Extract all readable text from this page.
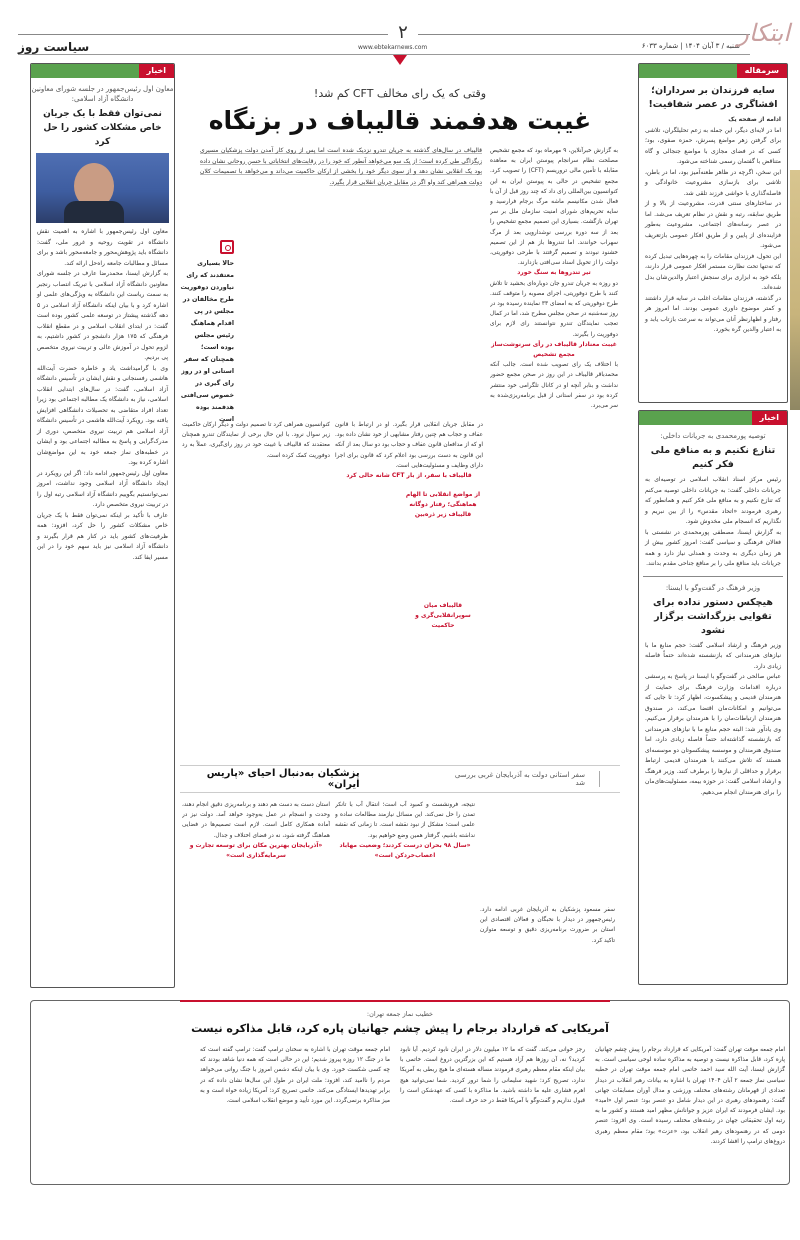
۲
سیاست روز	www.ebtekarnews.com	شنبه / ۳ آبان ۱۴۰۴ | شماره ۶۰۳۳
ابتکار
سرمقاله
سایه فرزندان بر سرداران؛ افشاگری در عصر شفافیت!
ادامه از صفحه یک
اما در لایه‌ای دیگر، این جمله به زعم تحلیلگران، تلاشی برای گرفتن زهر مواضع پسرش، حمزه صفوی، بود؛ کسی که در فضای مجازی با مواضع جنجالی و گاه متناقض با گفتمان رسمی شناخته می‌شود.
این سخن، اگرچه در ظاهر طعنه‌آمیز بود، اما در باطن، تلاشی برای بازسازی مشروعیت خانوادگی و فاصله‌گذاری با حواشی فرزند تلقی شد.
در ساختارهای سنتی قدرت، مشروعیت از بالا و از طریق سابقه، رتبه و نقش در نظام تعریف می‌شد. اما در عصر رسانه‌های اجتماعی، مشروعیت به‌طور فزاینده‌ای از پایین و از طریق افکار عمومی بازتعریف می‌شود.
این تحول، فرزندان مقامات را به چهره‌هایی تبدیل کرده که نه‌تنها تحت نظارت مستمر افکار عمومی قرار دارند، بلکه خود به ابزاری برای سنجش اعتبار والدین‌شان بدل شده‌اند.
در گذشته، فرزندان مقامات اغلب در سایه قرار داشتند و کمتر موضوع داوری عمومی بودند. اما امروز هر رفتار و اظهارنظر آنان می‌تواند به سرعت بازتاب یابد و به اعتبار والدین گره بخورد.
اخبار
توصیه پورمحمدی به جریانات داخلی:
تنازع نکنیم و به منافع ملی فکر کنیم
رئیس مرکز اسناد انقلاب اسلامی در توصیه‌ای به جریانات داخلی گفت: به جریانات داخلی توصیه می‌کنم که تنازع نکنیم و به منافع ملی فکر کنیم و همانطور که رهبری فرمودند «اتحاد مقدس» را از بین نبریم و نگذاریم که انسجام ملی مخدوش شود.
به گزارش ایسنا، مصطفی پورمحمدی در نشستی با فعالان فرهنگی و سیاسی گفت: امروز کشور بیش از هر زمان دیگری به وحدت و همدلی نیاز دارد و همه جریانات باید منافع ملی را بر منافع جناحی مقدم بدانند.
وزیر فرهنگ در گفت‌وگو با ایسنا:
هیچکس دستور نداده برای تقوایی بزرگداشت برگزار نشود
وزیر فرهنگ و ارشاد اسلامی گفت: حجم منابع ما با نیازهای هنرمندانی که بازنشسته شده‌اند حتماً فاصله زیادی دارد.
عباس صالحی در گفت‌وگو با ایسنا در پاسخ به پرسشی درباره اقدامات وزارت فرهنگ برای حمایت از هنرمندان قدیمی و پیشکسوت، اظهار کرد: تا جایی که می‌توانیم و امکانات‌مان اقتضا می‌کند، در صندوق هنرمندان ارتباطات‌مان را با هنرمندان برقرار می‌کنیم. وی یادآور شد: البته حجم منابع ما با نیازهای هنرمندانی که بازنشسته گذاشته‌اند حتماً فاصله زیادی دارد، اما صندوق هنرمندان و موسسه پیشکسوتان دو موسسه‌ای هستند که تلاش می‌کنند با هنرمندان قدیمی ارتباط برقرار و حداقلی از نیازها را برطرف کنند. وزیر فرهنگ و ارشاد اسلامی گفت: در حوزه بیمه، مسئولیت‌های‌مان را برای هنرمندان انجام می‌دهیم.
اخبار
معاون اول رئیس‌جمهور در جلسه شورای معاونین دانشگاه آزاد اسلامی:
نمی‌توان فقط با یک جریان خاص مشکلات کشور را حل کرد
معاون اول رئیس‌جمهور با اشاره به اهمیت نقش دانشگاه در تقویت روحیه و غرور ملی، گفت: دانشگاه باید پژوهش‌محور و جامعه‌محور باشد و برای مسائل و مطالبات جامعه راه‌حل ارائه کند.
به گزارش ایسنا، محمدرضا عارف در جلسه شورای معاونین دانشگاه آزاد اسلامی با تبریک انتصاب رنجبر به سمت ریاست این دانشگاه به ویژگی‌های علمی او اشاره کرد و با بیان اینکه دانشگاه آزاد اسلامی در ۵ دهه گذشته پیشتاز در توسعه علمی کشور بوده است گفت: در ابتدای انقلاب اسلامی و در مقطع انقلاب فرهنگی که ۱۷۵ هزار دانشجو در کشور داشتیم، به لزوم تحول در آموزش عالی و تربیت نیروی متخصص پی بردیم.
وی با گرامیداشت یاد و خاطره حضرت آیت‌الله هاشمی رفسنجانی و نقش ایشان در تأسیس دانشگاه آزاد اسلامی، گفت: در سال‌های ابتدایی انقلاب اسلامی، نیاز به دانشگاه یک مطالبه اجتماعی بود زیرا تعداد افراد متقاضی به تحصیلات دانشگاهی افزایش یافته بود. رویکرد آیت‌الله هاشمی در تأسیس دانشگاه آزاد اسلامی هم تربیت نیروی متخصص، دوری از مدرک‌گرایی و پاسخ به مطالبه اجتماعی بود و ایشان در خطبه‌های نماز جمعه خود به این مواضع‌شان اشاره کرده بود.
معاون اول رئیس‌جمهور ادامه داد: اگر این رویکرد در ایجاد دانشگاه آزاد اسلامی وجود نداشت، امروز نمی‌توانستیم بگوییم دانشگاه آزاد اسلامی رتبه اول را در تربیت نیروی متخصص دارد.
عارف با تأکید بر اینکه نمی‌توان فقط با یک جریان خاص مشکلات کشور را حل کرد، افزود: همه ظرفیت‌های کشور باید در کنار هم قرار بگیرند و دانشگاه آزاد اسلامی نیز باید سهم خود را در این مسیر ایفا کند.
وقتی که یک رای مخالف CFT کم شد!
غیبت هدفمند قالیباف در بزنگاه
قالیباف در سال‌های گذشته به جریان تندرو نزدیک شده است اما پس از روی کار آمدن دولت پزشکیان مسیری زیگزاگی طی کرده است؛ از یک سو می‌خواهد آنطور که خود را در رقابت‌های انتخاباتی با حسن روحانی نشان داده بود یک انقلابی نشان دهد و از سوی دیگر خود را بخشی از ارکان حاکمیت می‌داند و می‌خواهد با تصمیمات کلان دولت همراهی کند ولو اگر در مقابل جریان انقلابی قرار بگیرد.
به گزارش خبرآنلاین، ۹ مهرماه بود که مجمع تشخیص مصلحت نظام سرانجام پیوستن ایران به معاهده مقابله با تأمین مالی تروریسم (CFT) را تصویب کرد. مجمع تشخیص در حالی به پیوستن ایران به این کنوانسیون بین‌المللی رای داد که چند روز قبل از آن با فعال شدن مکانیسم ماشه مرگ برجام فرارسید و سایه تحریم‌های شورای امنیت سازمان ملل بر سر تهران بازگشت. بسیاری این تصمیم مجمع تشخیص را بعد از سه دوره بررسی نوشدارویی بعد از مرگ سهراب خواندند. اما تندروها باز هم از این تصمیم خشنود نبودند و تصمیم گرفتند با طرحی دوفوریتی، دولت را از تحویل اسناد سی‌افتی بازدارند.
تیر تندروها به سنگ خورد
دو روزه به جریان تندرو جان دوباره‌ای بخشید تا تلاش کنند با طرح دوفوریتی، اجرای مصوبه را متوقف کنند. طرح دوفوریتی که به امضای ۳۳ نماینده رسیده بود در روز سه‌شنبه در صحن مجلس مطرح شد، اما در کمال تعجب نمایندگان تندرو نتوانستند رای لازم برای دوفوریت را بگیرند.
غیبت معنادار قالیباف در رأی سرنوشت‌ساز مجمع تشخیص
با اختلاف یک رای تصویب شده است. جالب آنکه محمدباقر قالیباف در این روز در صحن مجمع حضور نداشت و بنابر آنچه او در کانال تلگرامی خود منتشر کرده بود در سفر استانی از قبل برنامه‌ریزی‌شده به سر می‌برد.
حالا بسیاری معتقدند که رای نیاوردن دوفوریت طرح مخالفان در مجلس در پی اقدام هماهنگ رئیس مجلس بوده است؛ همچنان که سفر استانی او در روز رای گیری در خصوص سی‌افتی هدفمند بوده است
کنوانسیون همراهی کرد تا تصمیم دولت و دیگر ارکان حاکمیت زیر سوال نرود. با این حال برخی از نمایندگان تندرو همچنان معتقدند که قالیباف با غیبت خود در روز رای‌گیری، عملاً به رد دوفوریت کمک کرده است.
در مقابل جریان انقلابی قرار بگیرد. او در ارتباط با قانون عفاف و حجاب هم چنین رفتار مشابهی از خود نشان داده بود. او که از مدافعان قانون عفاف و حجاب بود دو سال بعد از آنکه این قانون به دست بررسی بود اعلام کرد که قانون برای اجرا دارای وظایف و مسئولیت‌هایی است.
قالیباف با سفر، از بار CFT شانه خالی کرد
از مواضع انقلابی تا الهام هماهنگی؛ رفتار دوگانه قالیباف زیر ذره‌بین
قالیباف میان سوپرانقلابی‌گری و حاکمیت
سفر استانی دولت به آذربایجان غربی بررسی شد
پزشکیان به‌دنبال احیای «پاریس ایران»
نتیجه، فرونشست و کمبود آب است؛ انتقال آب با تانکر تمدن را حل نمی‌کند. این مسائل نیازمند مطالعات ساده و علمی است؛ مشکل از نبود نقشه است. تا زمانی که نقشه نداشته باشیم، گرفتار همین وضع خواهیم بود.
«سال ۹۸ بحران درست کردند؛ وضعیت مهاباد اعصاب‌خردکن است»
استان دست به دست هم دهند و برنامه‌ریزی دقیق انجام دهند، وحدت و انسجام در عمل به‌وجود خواهد آمد. دولت نیز در آماده همکاری کامل است. لازم است تصمیم‌ها در فضایی هماهنگ گرفته شود، نه در فضای اختلاف و جدال.
«آذربایجان بهترین مکان برای توسعه تجارت و سرمایه‌گذاری است»
سفر مسعود پزشکیان به آذربایجان غربی ادامه دارد. رئیس‌جمهور در دیدار با نخبگان و فعالان اقتصادی این استان بر ضرورت برنامه‌ریزی دقیق و توسعه متوازن تاکید کرد.
خطیب نماز جمعه تهران:
آمریکایی که قرارداد برجام را پیش چشم جهانیان پاره کرد، قابل مذاکره نیست
امام جمعه موقت تهران با اشاره به سخنان ترامپ گفت: ترامپ گفته است که ما در جنگ ۱۲ روزه پیروز شدیم؛ این در حالی است که همه دنیا شاهد بودند که چه کسی شکست خورد. وی با بیان اینکه دشمن امروز با جنگ روانی می‌خواهد مردم را ناامید کند، افزود: ملت ایران در طول این سال‌ها نشان داده که در برابر تهدیدها ایستادگی می‌کند. خاتمی تصریح کرد: آمریکا زیاده خواه است و به میز مذاکره برنمی‌گردد. این مورد تأیید و موضع انقلاب اسلامی است.
رجز خوانی می‌کند. گفت که ما ۱۲ میلیون دلار در ایران نابود کردیم. آیا نابود کردید؟ نه، آن روزها هم آزاد هستیم که این بزرگترین دروغ است. خاتمی با بیان اینکه مقام معظم رهبری فرمودند مساله هسته‌ای ما هیچ ربطی به آمریکا ندارد، تصریح کرد: شهید سلیمانی را شما ترور کردید. شما نمی‌توانید هیچ اهرم فشاری علیه ما داشته باشید. ما مذاکره با کسی که عهدشکن است را قبول نداریم و گفت‌وگو با آمریکا فقط در حد حرف است.
امام جمعه موقت تهران گفت: آمریکایی که قرارداد برجام را پیش چشم جهانیان پاره کرد، قابل مذاکره نیست و توصیه به مذاکره ساده لوحی سیاسی است. به گزارش ایسنا، آیت الله سید احمد خاتمی امام جمعه موقت تهران در خطبه سیاسی نماز جمعه ۲ آبان ۱۴۰۴ تهران با اشاره به بیانات رهبر انقلاب در دیدار تعدادی از قهرمانان رشته‌های مختلف ورزشی و مدال آوران مسابقات جهانی گفت: رهنمودهای رهبری در این دیدار شامل دو عنصر بود؛ عنصر اول «امید» بود. ایشان فرمودند که ایران عزیز و جوانانش مظهر امید هستند و کشور ما به رتبه اول تحقیقاتی جهان در رشته‌های مختلف رسیده است. وی افزود: عنصر دومی که در رهنمودهای رهبر انقلاب بود، «عزت» بود؛ مقام معظم رهبری دروغ‌های ترامپ را افشا کردند.
